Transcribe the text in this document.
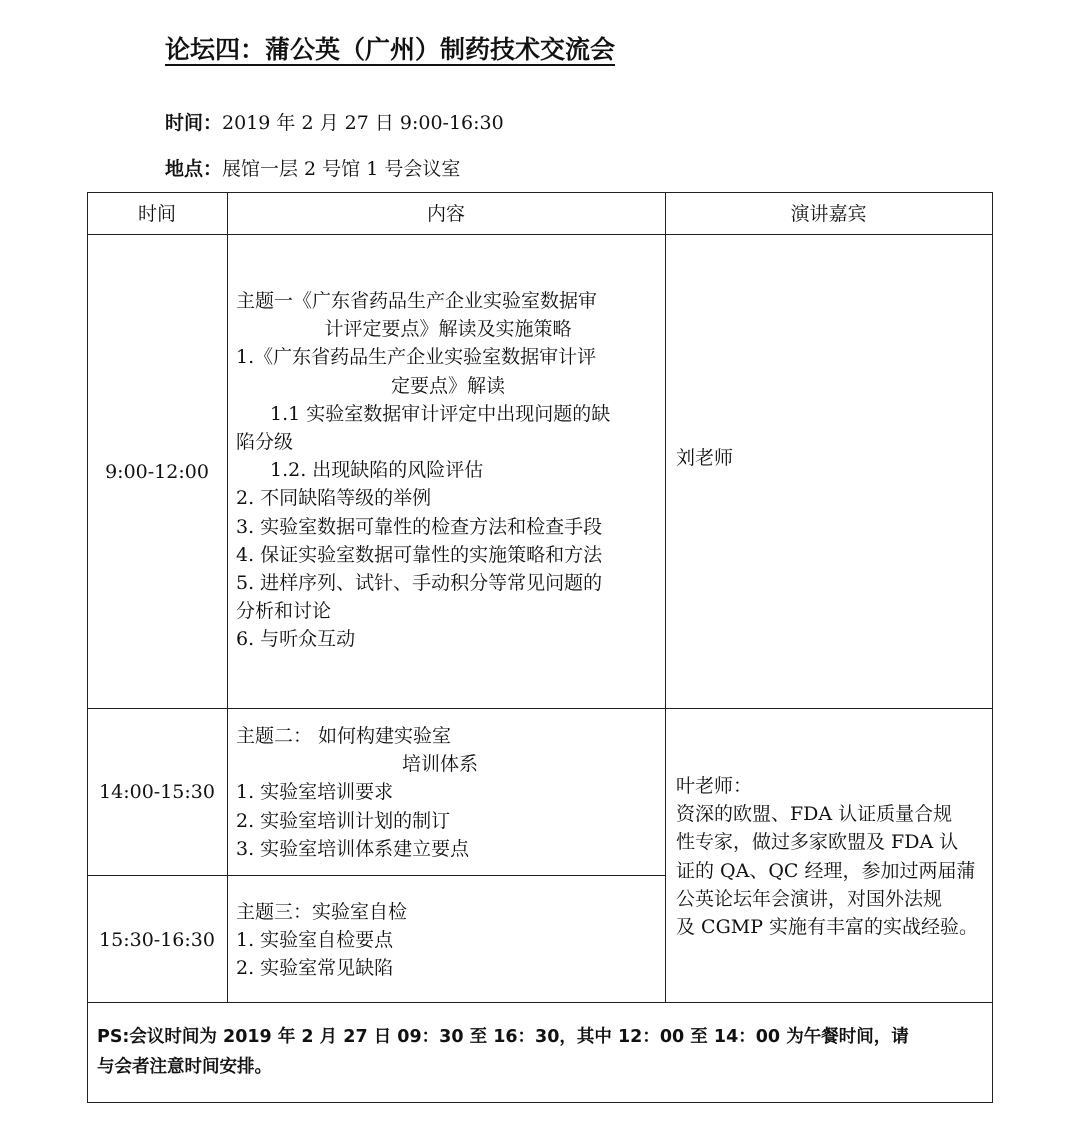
论坛四：蒲公英（广州）制药技术交流会
时间：2019 年 2 月 27 日 9:00-16:30
地点：展馆一层 2 号馆 1 号会议室
时间	内容	演讲嘉宾
9:00-12:00
主题一《广东省药品生产企业实验室数据审
计评定要点》解读及实施策略
1.《广东省药品生产企业实验室数据审计评
定要点》解读
1.1 实验室数据审计评定中出现问题的缺
陷分级
1.2. 出现缺陷的风险评估
2. 不同缺陷等级的举例
3. 实验室数据可靠性的检查方法和检查手段
4. 保证实验室数据可靠性的实施策略和方法
5. 进样序列、试针、手动积分等常见问题的
分析和讨论
6. 与听众互动
刘老师
14:00-15:30
主题二： 如何构建实验室
培训体系
1. 实验室培训要求
2. 实验室培训计划的制订
3. 实验室培训体系建立要点
15:30-16:30
主题三：实验室自检
1. 实验室自检要点
2. 实验室常见缺陷
叶老师：
资深的欧盟、FDA 认证质量合规
性专家，做过多家欧盟及 FDA 认
证的 QA、QC 经理，参加过两届蒲
公英论坛年会演讲，对国外法规
及 CGMP 实施有丰富的实战经验。
PS:会议时间为 2019 年 2 月 27 日 09：30 至 16：30，其中 12：00 至 14：00 为午餐时间，请
与会者注意时间安排。
